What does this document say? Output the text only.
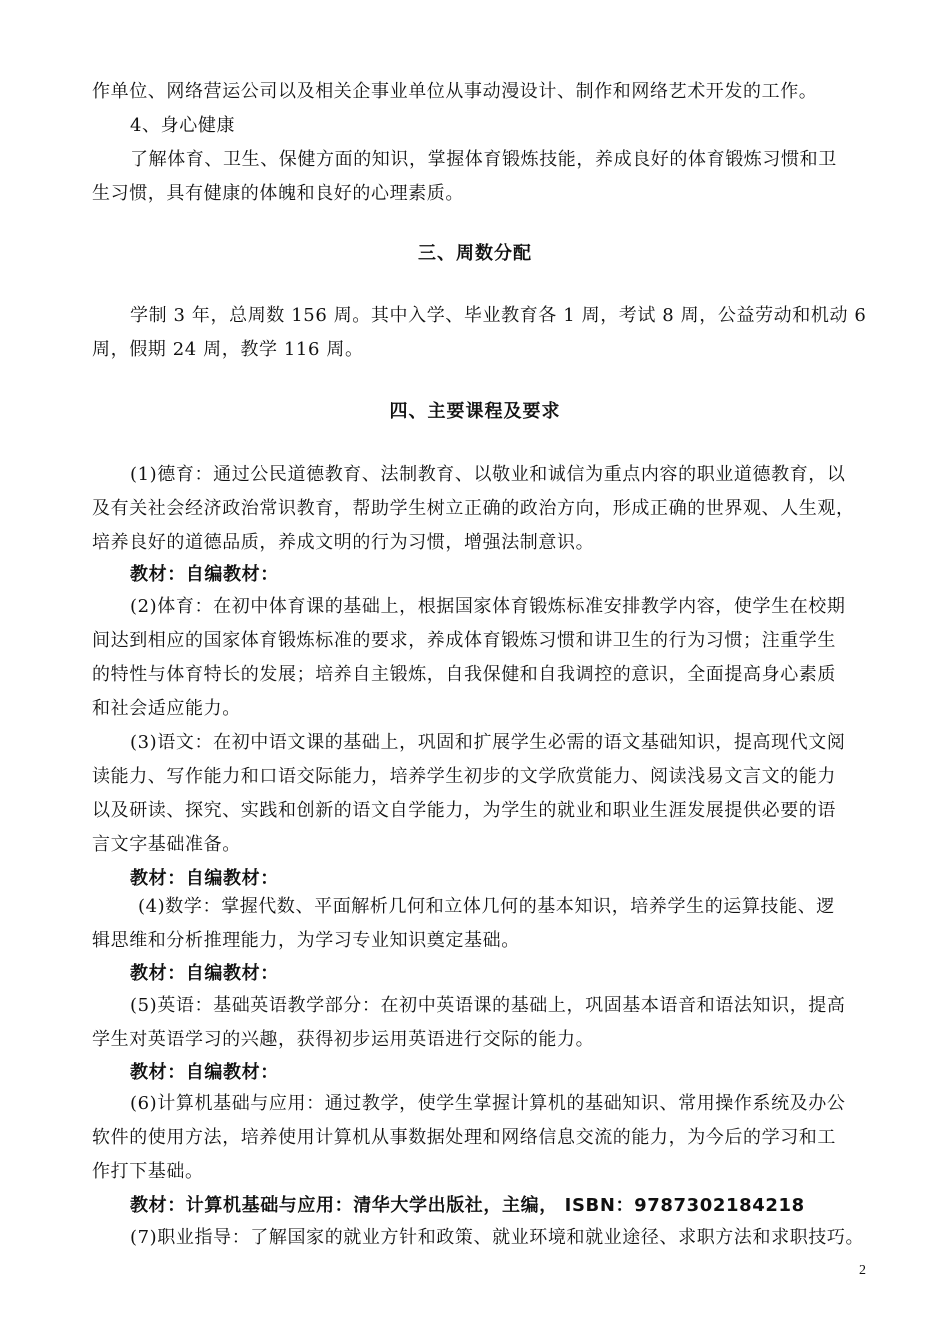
作单位、网络营运公司以及相关企事业单位从事动漫设计、制作和网络艺术开发的工作。
4、身心健康
了解体育、卫生、保健方面的知识，掌握体育锻炼技能，养成良好的体育锻炼习惯和卫
生习惯，具有健康的体魄和良好的心理素质。
三、周数分配
学制 3 年，总周数 156 周。其中入学、毕业教育各 1 周，考试 8 周，公益劳动和机动 6
周，假期 24 周，教学 116 周。
四、主要课程及要求
(1)德育：通过公民道德教育、法制教育、以敬业和诚信为重点内容的职业道德教育，以
及有关社会经济政治常识教育，帮助学生树立正确的政治方向，形成正确的世界观、人生观，
培养良好的道德品质，养成文明的行为习惯，增强法制意识。
教材：自编教材：
(2)体育：在初中体育课的基础上，根据国家体育锻炼标准安排教学内容，使学生在校期
间达到相应的国家体育锻炼标准的要求，养成体育锻炼习惯和讲卫生的行为习惯；注重学生
的特性与体育特长的发展；培养自主锻炼，自我保健和自我调控的意识，全面提高身心素质
和社会适应能力。
(3)语文：在初中语文课的基础上，巩固和扩展学生必需的语文基础知识，提高现代文阅
读能力、写作能力和口语交际能力，培养学生初步的文学欣赏能力、阅读浅易文言文的能力
以及研读、探究、实践和创新的语文自学能力，为学生的就业和职业生涯发展提供必要的语
言文字基础准备。
教材：自编教材：
(4)数学：掌握代数、平面解析几何和立体几何的基本知识，培养学生的运算技能、逻
辑思维和分析推理能力，为学习专业知识奠定基础。
教材：自编教材：
(5)英语：基础英语教学部分：在初中英语课的基础上，巩固基本语音和语法知识，提高
学生对英语学习的兴趣，获得初步运用英语进行交际的能力。
教材：自编教材：
(6)计算机基础与应用：通过教学，使学生掌握计算机的基础知识、常用操作系统及办公
软件的使用方法，培养使用计算机从事数据处理和网络信息交流的能力，为今后的学习和工
作打下基础。
教材：计算机基础与应用：清华大学出版社，主编， ISBN：9787302184218
(7)职业指导：了解国家的就业方针和政策、就业环境和就业途径、求职方法和求职技巧。
2
